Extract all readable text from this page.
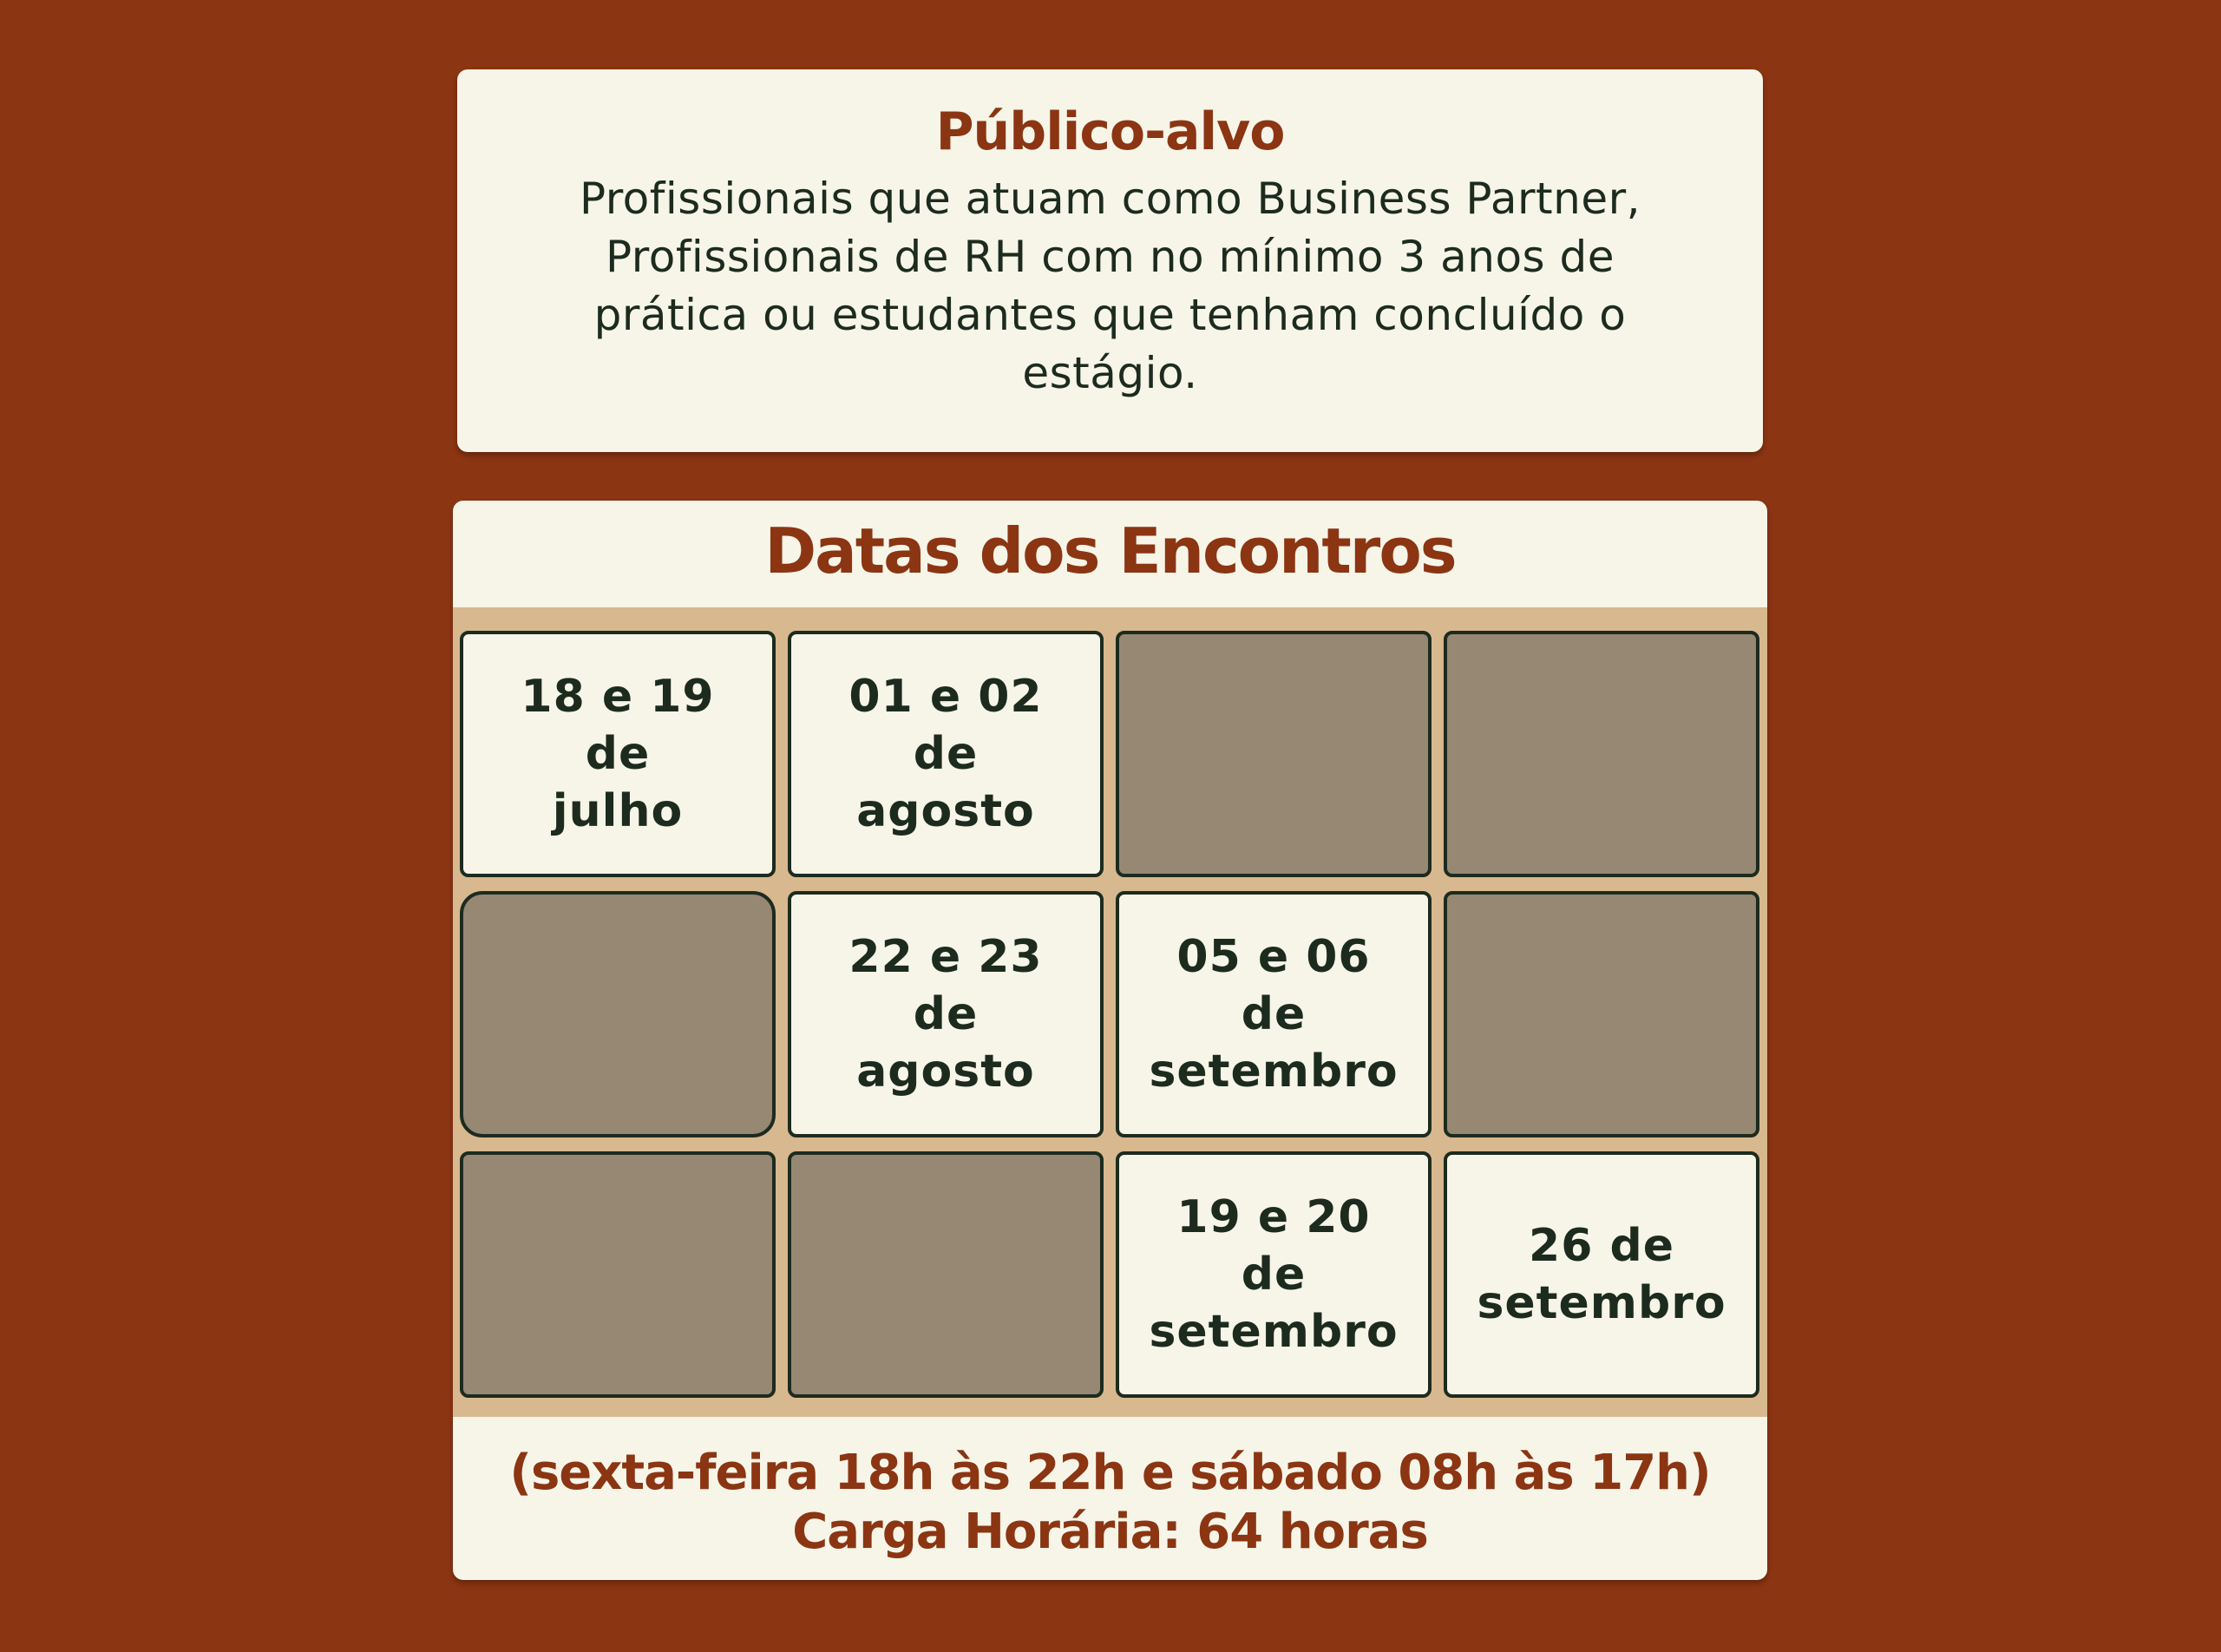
Público-alvo

Profissionais que atuam como Business Partner, Profissionais de RH com no mínimo 3 anos de prática ou estudantes que tenham concluído o estágio.

Datas dos Encontros
18 e 19
de
julho
01 e 02
de
agosto
22 e 23
de
agosto
05 e 06
de
setembro
19 e 20
de
setembro
26 de
setembro
(sexta-feira 18h às 22h e sábado 08h às 17h)
Carga Horária: 64 horas
